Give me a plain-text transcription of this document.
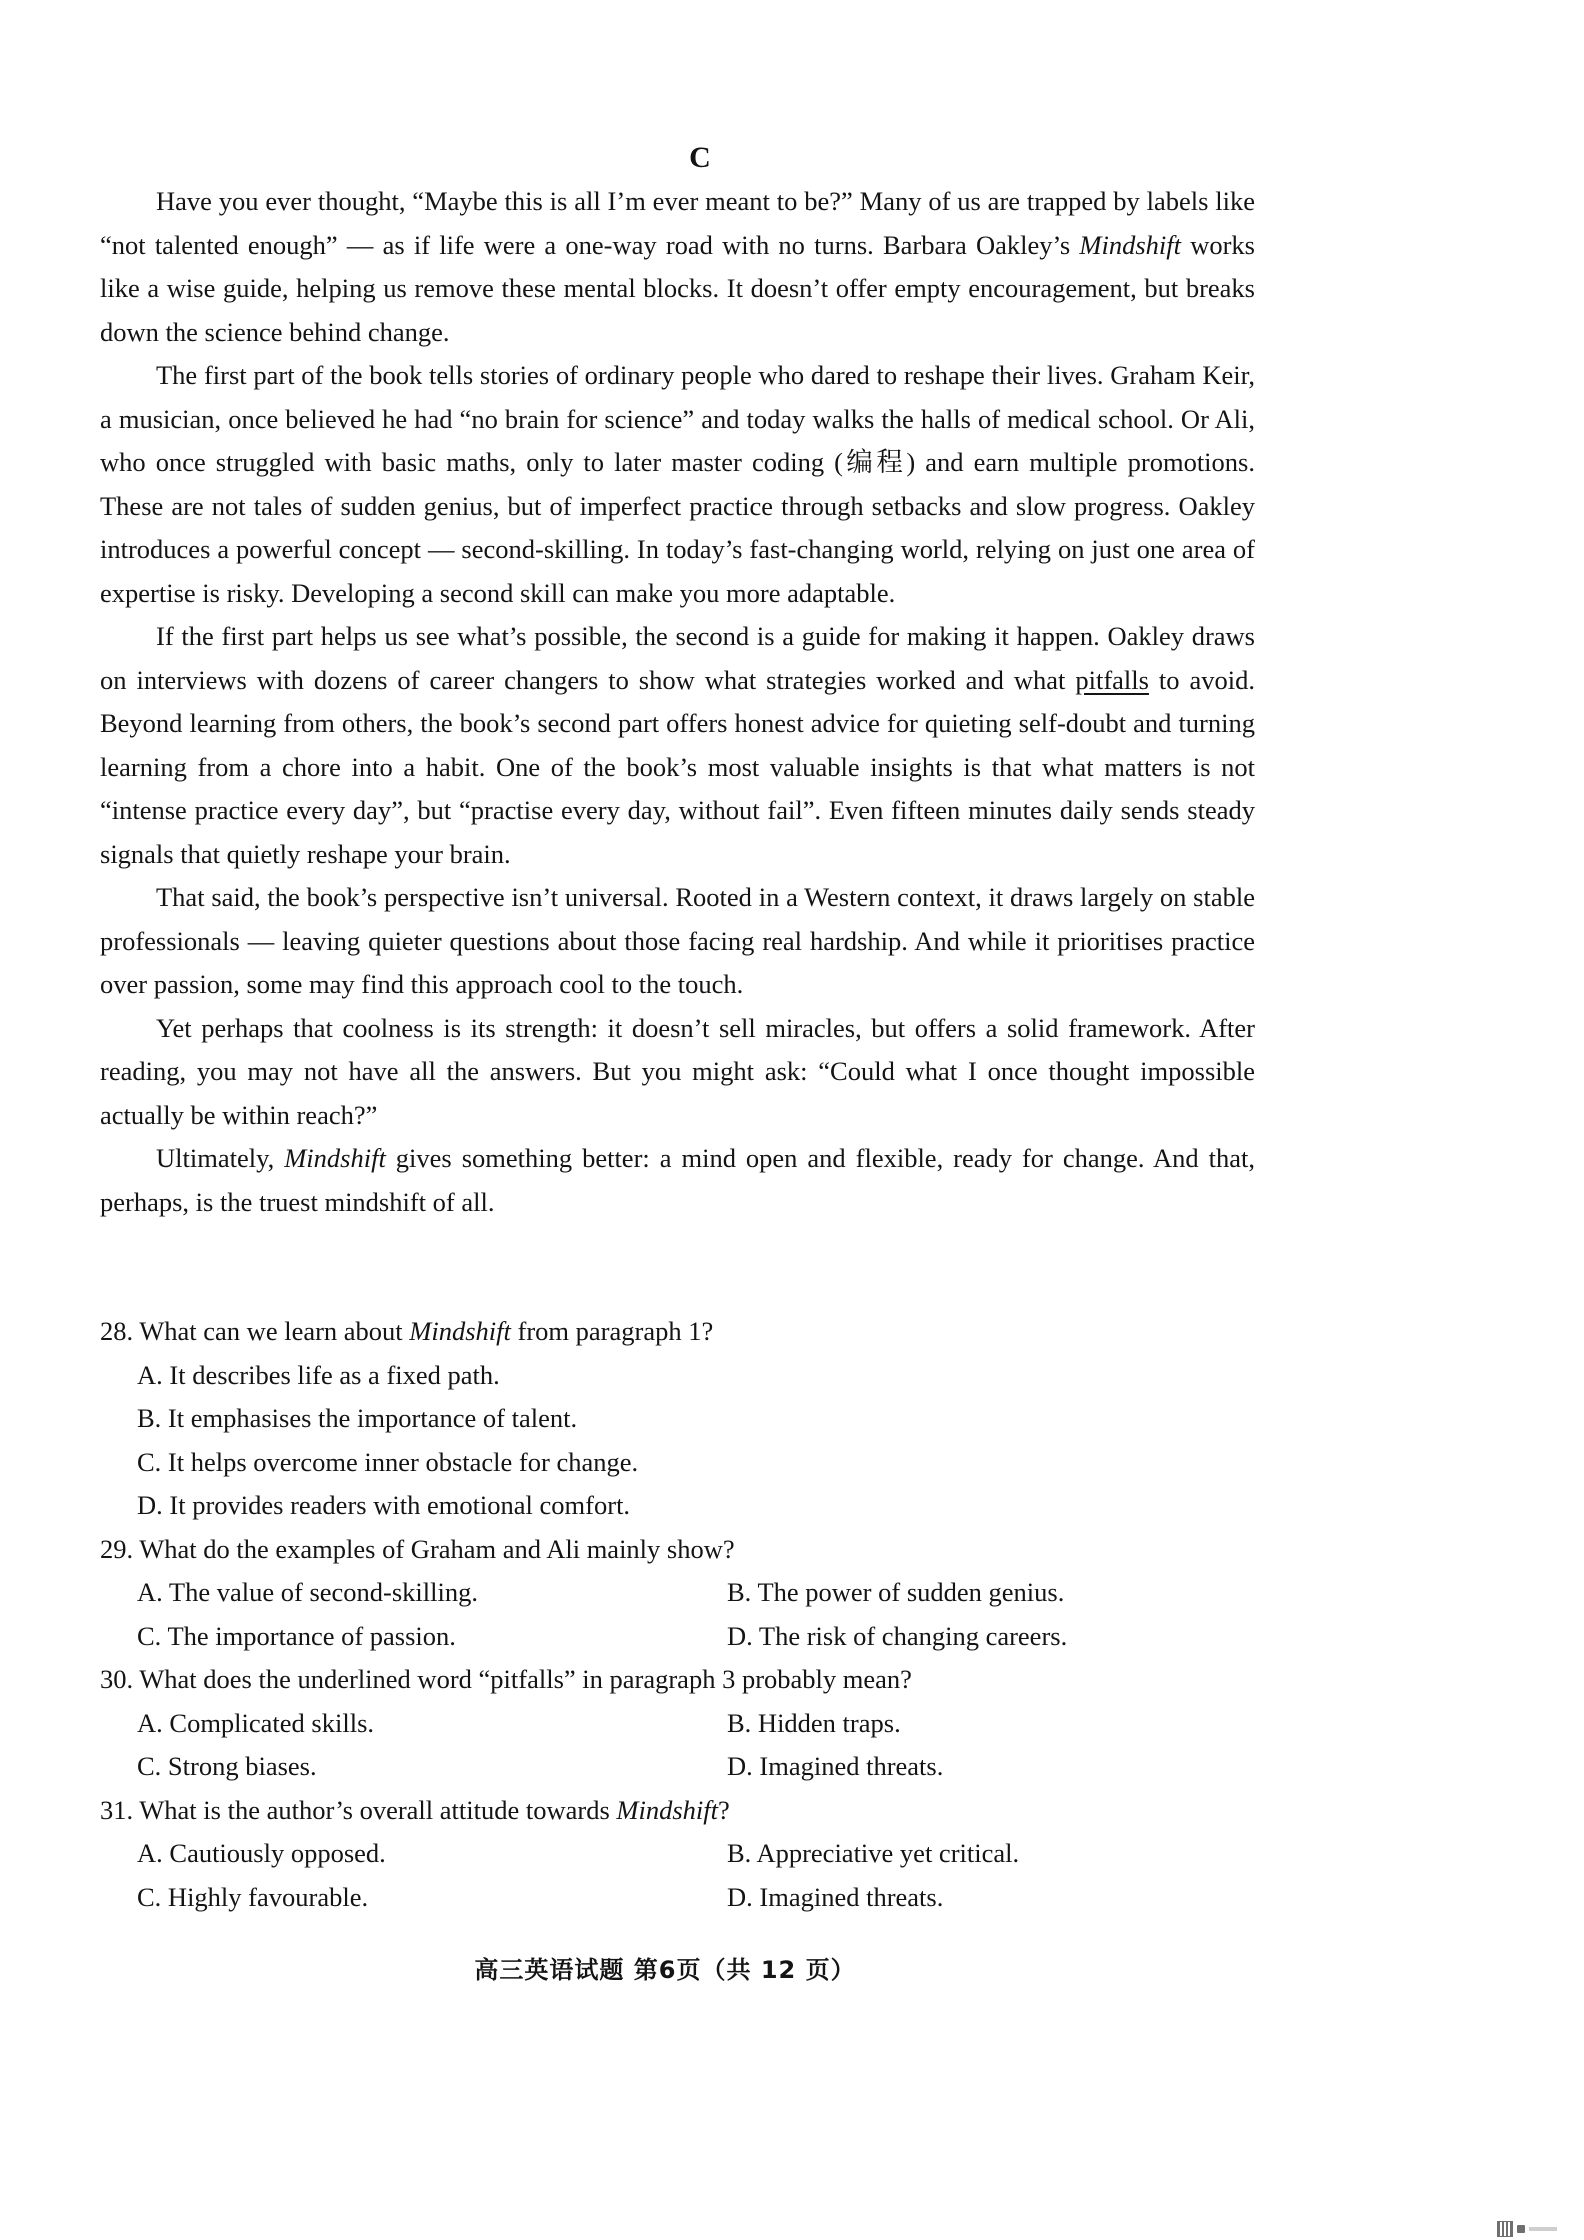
C

Have you ever thought, “Maybe this is all I’m ever meant to be?” Many of us are trapped by labels like “not talented enough” — as if life were a one-way road with no turns. Barbara Oakley’s Mindshift works like a wise guide, helping us remove these mental blocks. It doesn’t offer empty encouragement, but breaks down the science behind change.

The first part of the book tells stories of ordinary people who dared to reshape their lives. Graham Keir, a musician, once believed he had “no brain for science” and today walks the halls of medical school. Or Ali, who once struggled with basic maths, only to later master coding (编程) and earn multiple promotions. These are not tales of sudden genius, but of imperfect practice through setbacks and slow progress. Oakley introduces a powerful concept — second-skilling. In today’s fast-changing world, relying on just one area of expertise is risky. Developing a second skill can make you more adaptable.

If the first part helps us see what’s possible, the second is a guide for making it happen. Oakley draws on interviews with dozens of career changers to show what strategies worked and what pitfalls to avoid. Beyond learning from others, the book’s second part offers honest advice for quieting self-doubt and turning learning from a chore into a habit. One of the book’s most valuable insights is that what matters is not “intense practice every day”, but “practise every day, without fail”. Even fifteen minutes daily sends steady signals that quietly reshape your brain.

That said, the book’s perspective isn’t universal. Rooted in a Western context, it draws largely on stable professionals — leaving quieter questions about those facing real hardship. And while it prioritises practice over passion, some may find this approach cool to the touch.

Yet perhaps that coolness is its strength: it doesn’t sell miracles, but offers a solid framework. After reading, you may not have all the answers. But you might ask: “Could what I once thought impossible actually be within reach?”

Ultimately, Mindshift gives something better: a mind open and flexible, ready for change. And that, perhaps, is the truest mindshift of all.

28. What can we learn about Mindshift from paragraph 1?

A. It describes life as a fixed path.
B. It emphasises the importance of talent.
C. It helps overcome inner obstacle for change.
D. It provides readers with emotional comfort.

29. What do the examples of Graham and Ali mainly show?

A. The value of second-skilling.	B. The power of sudden genius.
C. The importance of passion.	D. The risk of changing careers.

30. What does the underlined word “pitfalls” in paragraph 3 probably mean?

A. Complicated skills.	B. Hidden traps.
C. Strong biases.	D. Imagined threats.

31. What is the author’s overall attitude towards Mindshift?

A. Cautiously opposed.	B. Appreciative yet critical.
C. Highly favourable.	D. Imagined threats.
高三英语试题 第6页（共 12 页）
